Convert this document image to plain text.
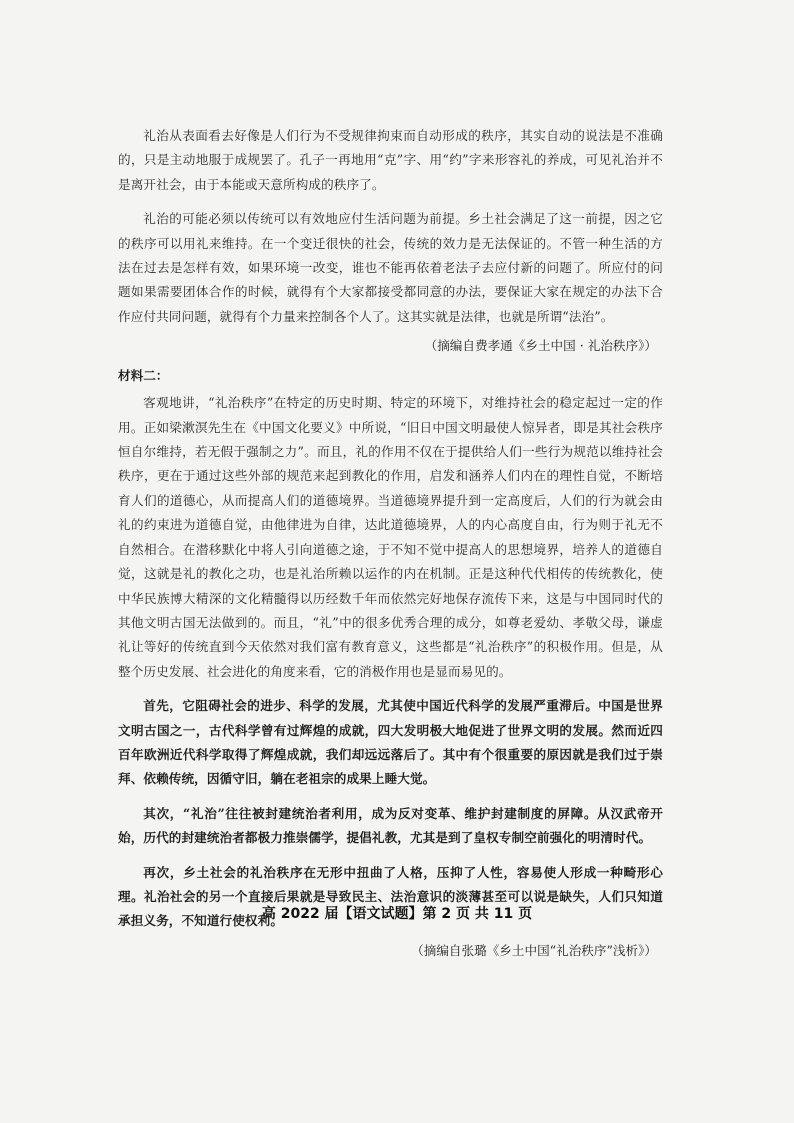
礼治从表面看去好像是人们行为不受规律拘束而自动形成的秩序，其实自动的说法是不准确的，只是主动地服于成规罢了。孔子一再地用“克”字、用“约”字来形容礼的养成，可见礼治并不是离开社会，由于本能或天意所构成的秩序了。

礼治的可能必须以传统可以有效地应付生活问题为前提。乡土社会满足了这一前提，因之它的秩序可以用礼来维持。在一个变迁很快的社会，传统的效力是无法保证的。不管一种生活的方法在过去是怎样有效，如果环境一改变，谁也不能再依着老法子去应付新的问题了。所应付的问题如果需要团体合作的时候，就得有个大家都接受都同意的办法，要保证大家在规定的办法下合作应付共同问题，就得有个力量来控制各个人了。这其实就是法律，也就是所谓“法治”。

（摘编自费孝通《乡土中国 · 礼治秩序》）
材料二：

客观地讲，“礼治秩序”在特定的历史时期、特定的环境下，对维持社会的稳定起过一定的作用。正如梁漱溟先生在《中国文化要义》中所说，“旧日中国文明最使人惊异者，即是其社会秩序恒自尔维持，若无假于强制之力”。而且，礼的作用不仅在于提供给人们一些行为规范以维持社会秩序，更在于通过这些外部的规范来起到教化的作用，启发和涵养人们内在的理性自觉，不断培育人们的道德心，从而提高人们的道德境界。当道德境界提升到一定高度后，人们的行为就会由礼的约束进为道德自觉，由他律进为自律，达此道德境界，人的内心高度自由，行为则于礼无不自然相合。在潜移默化中将人引向道德之途，于不知不觉中提高人的思想境界，培养人的道德自觉，这就是礼的教化之功，也是礼治所赖以运作的内在机制。正是这种代代相传的传统教化，使中华民族博大精深的文化精髓得以历经数千年而依然完好地保存流传下来，这是与中国同时代的其他文明古国无法做到的。而且，“礼”中的很多优秀合理的成分，如尊老爱幼、孝敬父母，谦虚礼让等好的传统直到今天依然对我们富有教育意义，这些都是“礼治秩序”的积极作用。但是，从整个历史发展、社会进化的角度来看，它的消极作用也是显而易见的。

首先，它阻碍社会的进步、科学的发展，尤其使中国近代科学的发展严重滞后。中国是世界文明古国之一，古代科学曾有过辉煌的成就，四大发明极大地促进了世界文明的发展。然而近四百年欧洲近代科学取得了辉煌成就，我们却远远落后了。其中有个很重要的原因就是我们过于崇拜、依赖传统，因循守旧，躺在老祖宗的成果上睡大觉。

其次，“礼治”往往被封建统治者利用，成为反对变革、维护封建制度的屏障。从汉武帝开始，历代的封建统治者都极力推崇儒学，提倡礼教，尤其是到了皇权专制空前强化的明清时代。

再次，乡土社会的礼治秩序在无形中扭曲了人格，压抑了人性，容易使人形成一种畸形心理。礼治社会的另一个直接后果就是导致民主、法治意识的淡薄甚至可以说是缺失，人们只知道承担义务，不知道行使权利。

（摘编自张璐《乡土中国“礼治秩序”浅析》）
高 2022 届【语文试题】第 2 页 共 11 页
